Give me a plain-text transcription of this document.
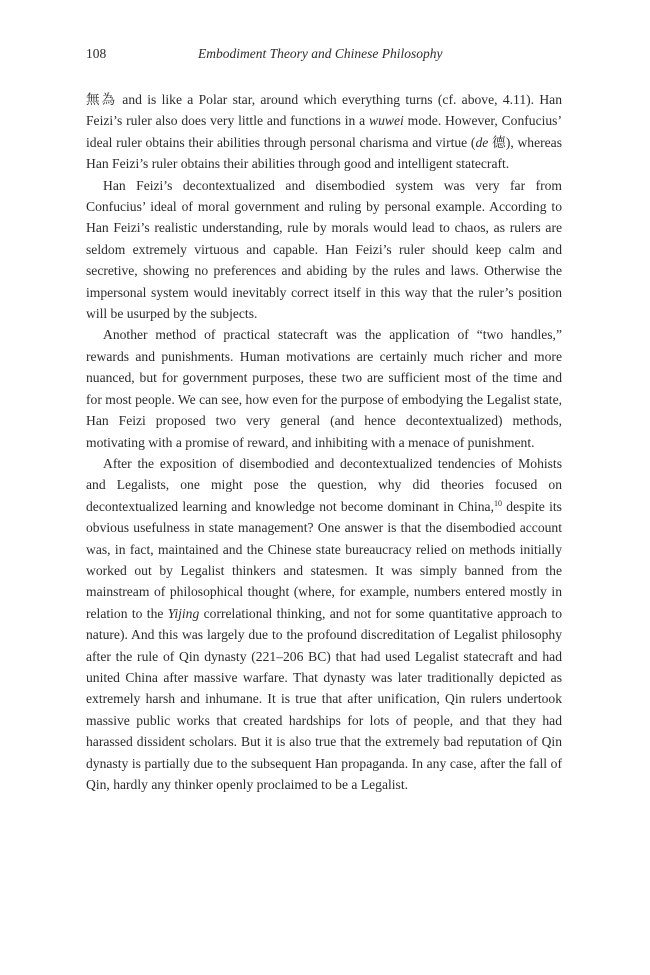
108	Embodiment Theory and Chinese Philosophy

無為 and is like a Polar star, around which everything turns (cf. above, 4.11). Han Feizi’s ruler also does very little and functions in a wuwei mode. However, Confucius’ ideal ruler obtains their abilities through personal charisma and virtue (de 德), whereas Han Feizi’s ruler obtains their abilities through good and intelligent statecraft.

Han Feizi’s decontextualized and disembodied system was very far from Confucius’ ideal of moral government and ruling by personal example. According to Han Feizi’s realistic understanding, rule by morals would lead to chaos, as rulers are seldom extremely virtuous and capable. Han Feizi’s ruler should keep calm and secretive, showing no preferences and abiding by the rules and laws. Otherwise the impersonal system would inevitably correct itself in this way that the ruler’s position will be usurped by the subjects.

Another method of practical statecraft was the application of “two handles,” rewards and punishments. Human motivations are certainly much richer and more nuanced, but for government purposes, these two are sufficient most of the time and for most people. We can see, how even for the purpose of embodying the Legalist state, Han Feizi proposed two very general (and hence decontextualized) methods, motivating with a promise of reward, and inhibiting with a menace of punishment.

After the exposition of disembodied and decontextualized tendencies of Mohists and Legalists, one might pose the question, why did theories focused on decontextualized learning and knowledge not become dominant in China,$^{10}$ despite its obvious usefulness in state management? One answer is that the disembodied account was, in fact, maintained and the Chinese state bureaucracy relied on methods initially worked out by Legalist thinkers and statesmen. It was simply banned from the mainstream of philosophical thought (where, for example, numbers entered mostly in relation to the Yijing correlational thinking, and not for some quantitative approach to nature). And this was largely due to the profound discreditation of Legalist philosophy after the rule of Qin dynasty (221–206 BC) that had used Legalist statecraft and had united China after massive warfare. That dynasty was later traditionally depicted as extremely harsh and inhumane. It is true that after unification, Qin rulers undertook massive public works that created hardships for lots of people, and that they had harassed dissident scholars. But it is also true that the extremely bad reputation of Qin dynasty is partially due to the subsequent Han propaganda. In any case, after the fall of Qin, hardly any thinker openly proclaimed to be a Legalist.
